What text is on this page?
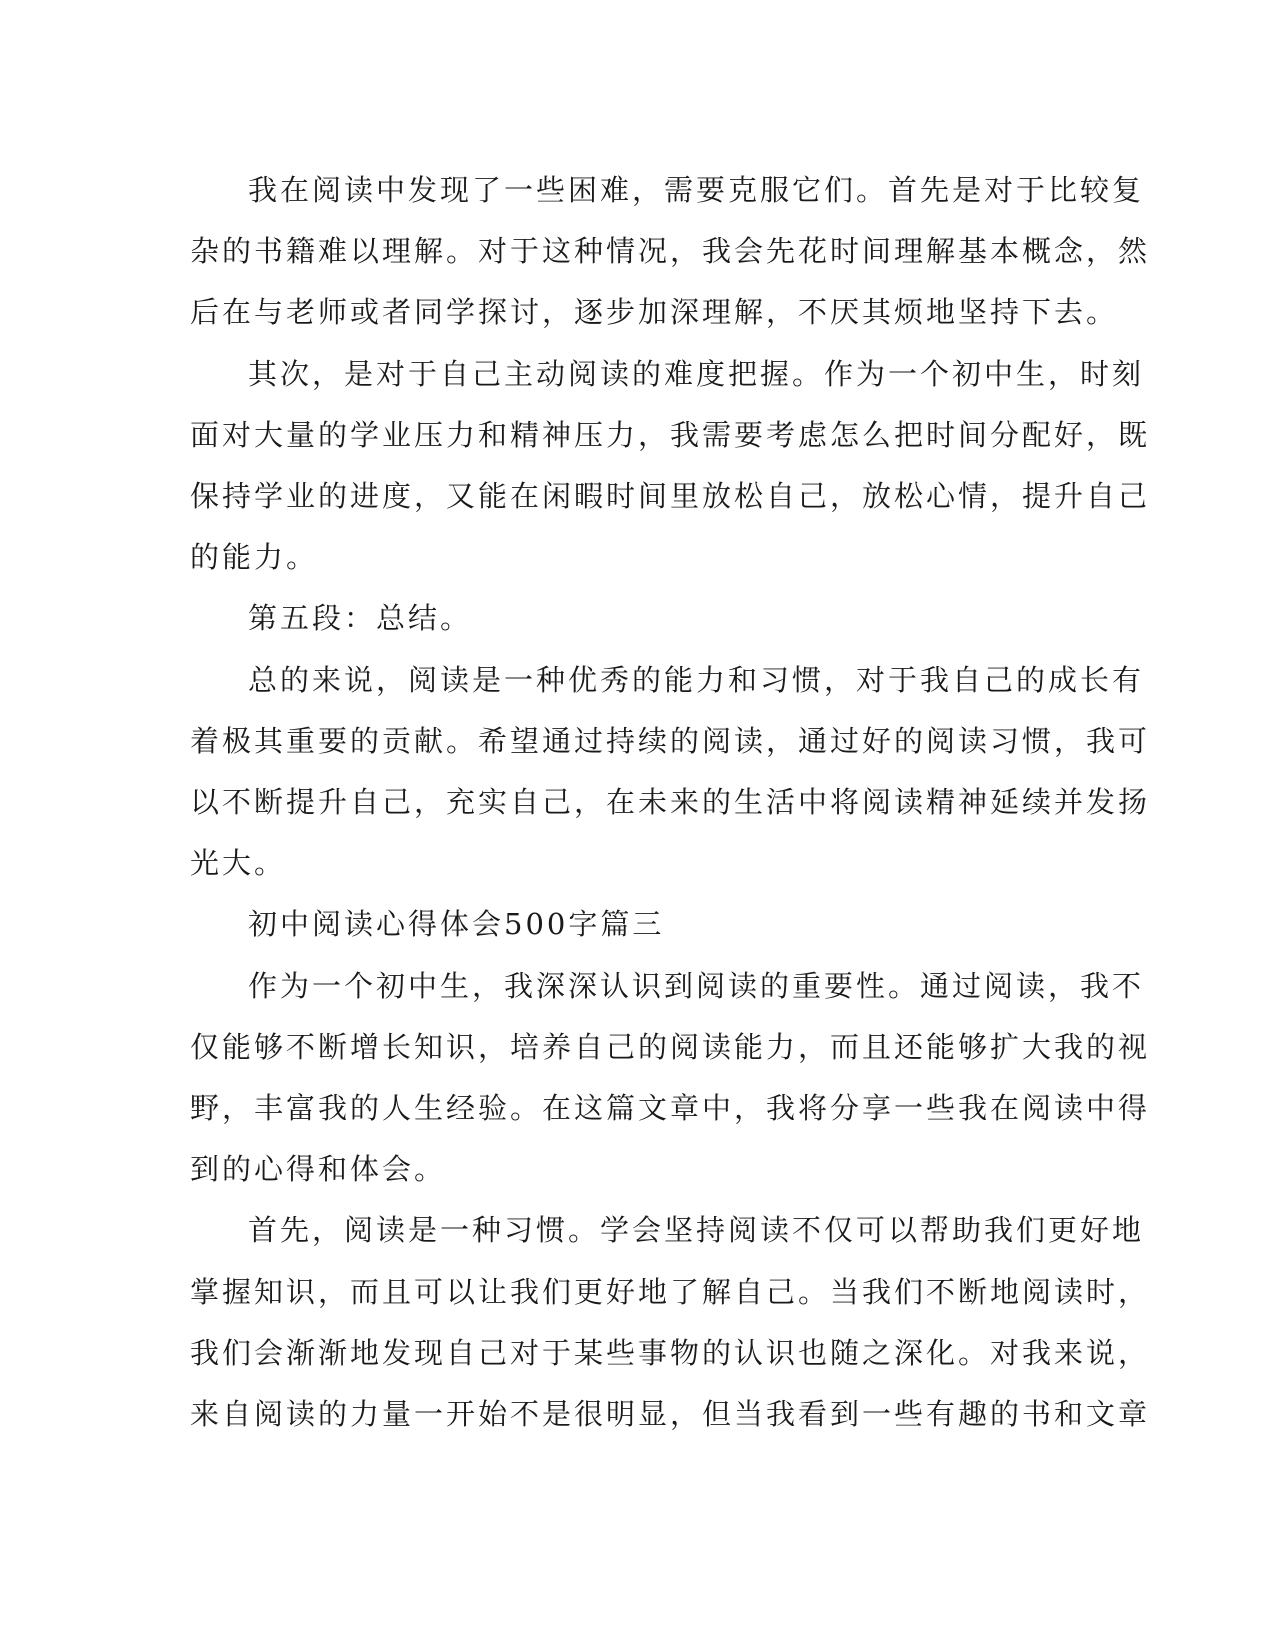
我在阅读中发现了一些困难，需要克服它们。首先是对于比较复
杂的书籍难以理解。对于这种情况，我会先花时间理解基本概念，然
后在与老师或者同学探讨，逐步加深理解，不厌其烦地坚持下去。

其次，是对于自己主动阅读的难度把握。作为一个初中生，时刻
面对大量的学业压力和精神压力，我需要考虑怎么把时间分配好，既
保持学业的进度，又能在闲暇时间里放松自己，放松心情，提升自己
的能力。

第五段：总结。

总的来说，阅读是一种优秀的能力和习惯，对于我自己的成长有
着极其重要的贡献。希望通过持续的阅读，通过好的阅读习惯，我可
以不断提升自己，充实自己，在未来的生活中将阅读精神延续并发扬
光大。

初中阅读心得体会500字篇三

作为一个初中生，我深深认识到阅读的重要性。通过阅读，我不
仅能够不断增长知识，培养自己的阅读能力，而且还能够扩大我的视
野，丰富我的人生经验。在这篇文章中，我将分享一些我在阅读中得
到的心得和体会。

首先，阅读是一种习惯。学会坚持阅读不仅可以帮助我们更好地
掌握知识，而且可以让我们更好地了解自己。当我们不断地阅读时，
我们会渐渐地发现自己对于某些事物的认识也随之深化。对我来说，
来自阅读的力量一开始不是很明显，但当我看到一些有趣的书和文章
